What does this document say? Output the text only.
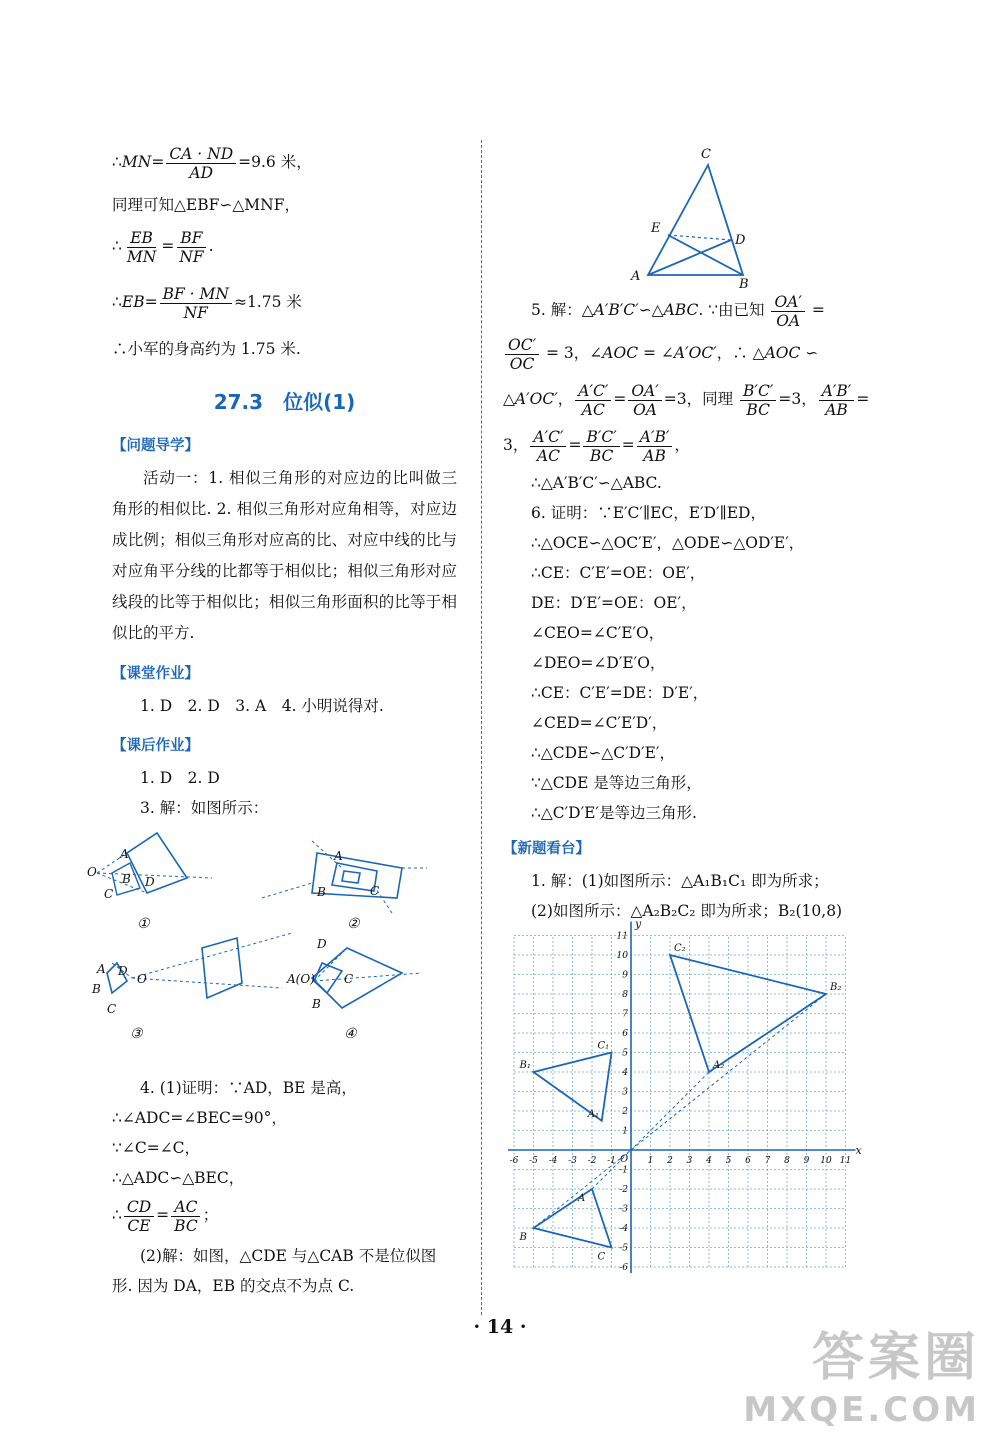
∴MN= $\frac{CA \cdot ND}{AD} =9.6$ 米，
同理可知△EBF∽△MNF，
∴ $\frac{EB}{MN} = \frac{BF}{NF}$ .
∴EB= $\frac{BF \cdot MN}{NF} \approx 1.75$ 米
∴小军的身高约为 1.75 米.
27.3　位似(1)
【问题导学】
活动一：1. 相似三角形的对应边的比叫做三角形的相似比. 2. 相似三角形对应角相等，对应边成比例；相似三角形对应高的比、对应中线的比与对应角平分线的比都等于相似比；相似三角形对应线段的比等于相似比；相似三角形面积的比等于相似比的平方.
【课堂作业】
1. D　2. D　3. A　4. 小明说得对.
【课后作业】
1. D　2. D
3. 解：如图所示：
O
A
B
C
D
A
B	C
A
B
C
O
D
D
A(O)
B
C
①	②
③	④
4. (1)证明：∵AD，BE 是高，
∴∠ADC=∠BEC=90°，
∵∠C=∠C，
∴△ADC∽△BEC，
∴ $\frac{CD}{CE} = \frac{AC}{BC}$ ；
(2)解：如图，△CDE 与△CAB 不是位似图
形. 因为 DA，EB 的交点不为点 C.
C
E
D
A
B
5. 解：△A′B′C′∽△ABC. ∵由已知 $\frac{OA'}{OA}$ =
$\frac{OC'}{OC} = 3$，∠AOC = ∠A′OC′，∴ △AOC ∽
△A′OC′， $\frac{A'C'}{AC} = \frac{OA'}{OA} =3$，同理 $\frac{B'C'}{BC} =3$， $\frac{A'B'}{AB}$ =
3， $\frac{A'C'}{AC} = \frac{B'C'}{BC} = \frac{A'B'}{AB}$ ，
∴△A′B′C′∽△ABC.
6. 证明：∵E′C′∥EC，E′D′∥ED，
∴△OCE∽△OC′E′，△ODE∽△OD′E′，
∴CE：C′E′=OE：OE′，
DE：D′E′=OE：OE′，
∠CEO=∠C′E′O，
∠DEO=∠D′E′O，
∴CE：C′E′=DE：D′E′，
∠CED=∠C′E′D′，
∴△CDE∽△C′D′E′，
∵△CDE 是等边三角形，
∴△C′D′E′是等边三角形.
【新题看台】
1. 解：(1)如图所示：△A₁B₁C₁ 即为所求；
(2)如图所示：△A₂B₂C₂ 即为所求；B₂(10,8)
x
y
O
-6 -5 -4 -3 -2 -1	1 2 3 4 5 6 7 8 9 10 11
11
10
9
8
7
6
5
4
3
2
1
-1
-2
-3
-4
-5
-6
A
B
C
A₁
B₁
C₁
A₂
B₂
C₂
· 14 ·
答案圈
MXQE.COM
